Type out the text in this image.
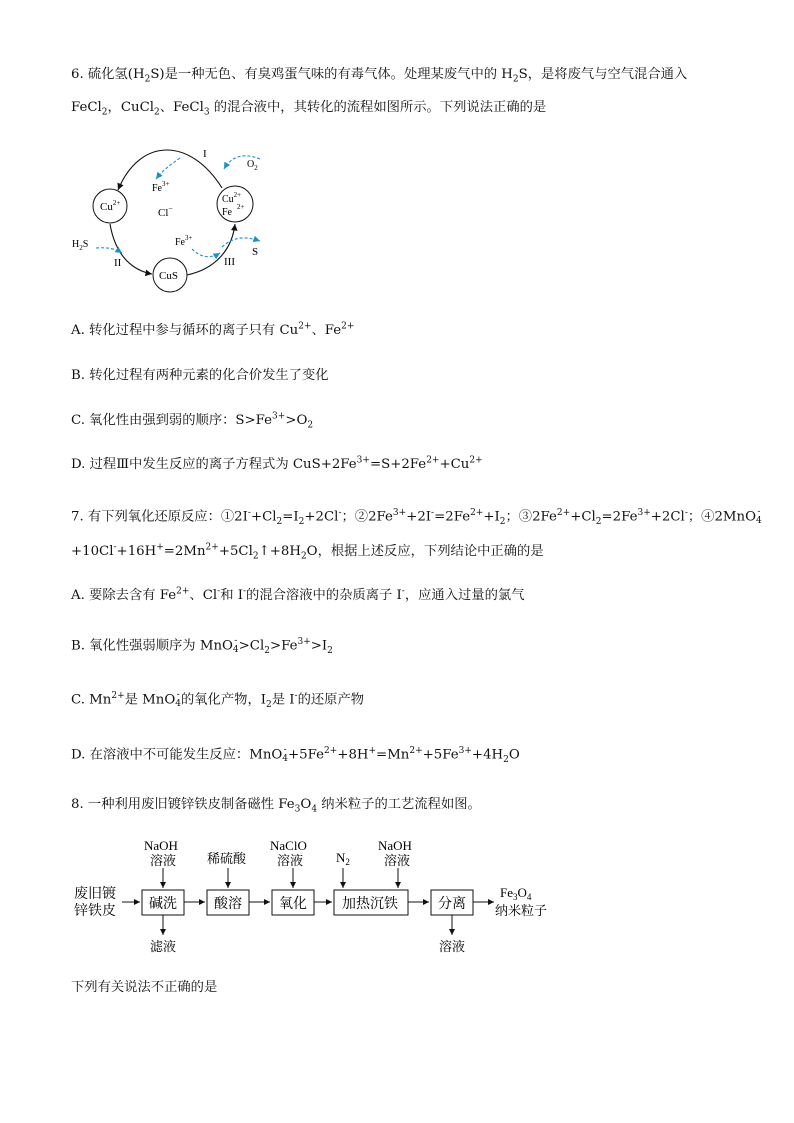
6. 硫化氢$(H_2S)$是一种无色、有臭鸡蛋气味的有毒气体。处理某废气中的 $H_2S$，是将废气与空气混合通入
FeCl$_2$，CuCl$_2$、FeCl$_3$ 的混合液中，其转化的流程如图所示。下列说法正确的是
$Cu^{2+}$	$Cu^{2+}$
Fe 2+
CuS
$Fe^{3+}$
Cl−
I
$O_2$
$H_2S$
II
$Fe^{3+}$
III
S
A. 转化过程中参与循环的离子只有 $Cu^{2+}$、$Fe^{2+}$
B. 转化过程有两种元素的化合价发生了变化
C. 氧化性由强到弱的顺序：$S>Fe^{3+}>O_2$
D. 过程Ⅲ中发生反应的离子方程式为 $CuS+2Fe^{3+}=S+2Fe^{2+}+Cu^{2+}$
7. 有下列氧化还原反应：$①2I^-+Cl_2=I_2+2Cl^-$；$②2Fe^{3+}+2I^-=2Fe^{2+}+I_2$；$③2Fe^{2+}+Cl_2=2Fe^{3+}+2Cl^-$；④2MnO -
4
$+10Cl^-+16H^+=2Mn^{2+}+5Cl_2↑+8H_2O$，根据上述反应，下列结论中正确的是
A. 要除去含有 $Fe^{2+}$、Cl-和 I-的混合溶液中的杂质离子 I-，应通入过量的氯气
B. 氧化性强弱顺序为 MnO -
$4 >Cl_2>Fe^{3+}>I_2$
C. $Mn^{2+}$是 MnO -
4 的氧化产物，$I_2$是 I-的还原产物
D. 在溶液中不可能发生反应：MnO -
$4 +5Fe^{2+}+8H^+=Mn^{2+}+5Fe^{3+}+4H_2O$
8. 一种利用废旧镀锌铁皮制备磁性 $Fe_3O_4$ 纳米粒子的工艺流程如图。
废旧镀
锌铁皮 碱洗	酸溶	氧化	加热沉铁	分离
$Fe_3O_4$
纳米粒子
NaOH
溶液 稀硫酸
NaClO
溶液	$N_2$
NaOH
溶液
滤液	溶液
下列有关说法不正确的是
